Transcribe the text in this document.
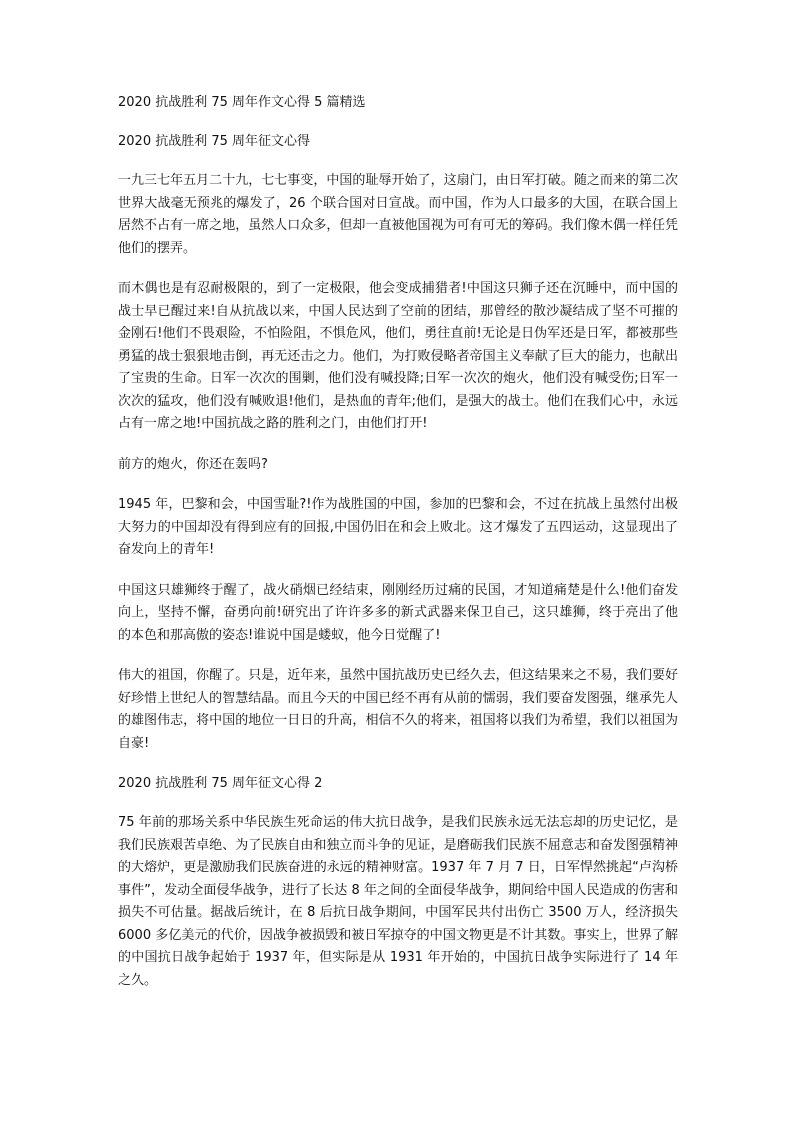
2020 抗战胜利 75 周年作文心得 5 篇精选

2020 抗战胜利 75 周年征文心得

一九三七年五月二十九，七七事变，中国的耻辱开始了，这扇门，由日军打破。随之而来的第二次世界大战毫无预兆的爆发了，26 个联合国对日宣战。而中国，作为人口最多的大国，在联合国上居然不占有一席之地，虽然人口众多，但却一直被他国视为可有可无的筹码。我们像木偶一样任凭他们的摆弄。

而木偶也是有忍耐极限的，到了一定极限，他会变成捕猎者!中国这只狮子还在沉睡中，而中国的战士早已醒过来!自从抗战以来，中国人民达到了空前的团结，那曾经的散沙凝结成了坚不可摧的金刚石!他们不畏艰险，不怕险阻，不惧危风，他们，勇往直前!无论是日伪军还是日军，都被那些勇猛的战士狠狠地击倒，再无还击之力。他们，为打败侵略者帝国主义奉献了巨大的能力，也献出了宝贵的生命。日军一次次的围剿，他们没有喊投降;日军一次次的炮火，他们没有喊受伤;日军一次次的猛攻，他们没有喊败退!他们，是热血的青年;他们，是强大的战士。他们在我们心中，永远占有一席之地!中国抗战之路的胜利之门，由他们打开!

前方的炮火，你还在轰吗?

1945 年，巴黎和会，中国雪耻?!作为战胜国的中国，参加的巴黎和会，不过在抗战上虽然付出极大努力的中国却没有得到应有的回报,中国仍旧在和会上败北。这才爆发了五四运动，这显现出了奋发向上的青年!

中国这只雄狮终于醒了，战火硝烟已经结束，刚刚经历过痛的民国，才知道痛楚是什么!他们奋发向上，坚持不懈，奋勇向前!研究出了许许多多的新式武器来保卫自己，这只雄狮，终于亮出了他的本色和那高傲的姿态!谁说中国是蝼蚁，他今日觉醒了!

伟大的祖国，你醒了。只是，近年来，虽然中国抗战历史已经久去，但这结果来之不易，我们要好好珍惜上世纪人的智慧结晶。而且今天的中国已经不再有从前的懦弱，我们要奋发图强，继承先人的雄图伟志，将中国的地位一日日的升高，相信不久的将来，祖国将以我们为希望，我们以祖国为自豪!

2020 抗战胜利 75 周年征文心得 2

75 年前的那场关系中华民族生死命运的伟大抗日战争，是我们民族永远无法忘却的历史记忆，是我们民族艰苦卓绝、为了民族自由和独立而斗争的见证，是磨砺我们民族不屈意志和奋发图强精神的大熔炉，更是激励我们民族奋进的永远的精神财富。1937 年 7 月 7 日，日军悍然挑起“卢沟桥事件”，发动全面侵华战争，进行了长达 8 年之间的全面侵华战争，期间给中国人民造成的伤害和损失不可估量。据战后统计，在 8 后抗日战争期间，中国军民共付出伤亡 3500 万人，经济损失 6000 多亿美元的代价，因战争被损毁和被日军掠夺的中国文物更是不计其数。事实上，世界了解的中国抗日战争起始于 1937 年，但实际是从 1931 年开始的，中国抗日战争实际进行了 14 年之久。
